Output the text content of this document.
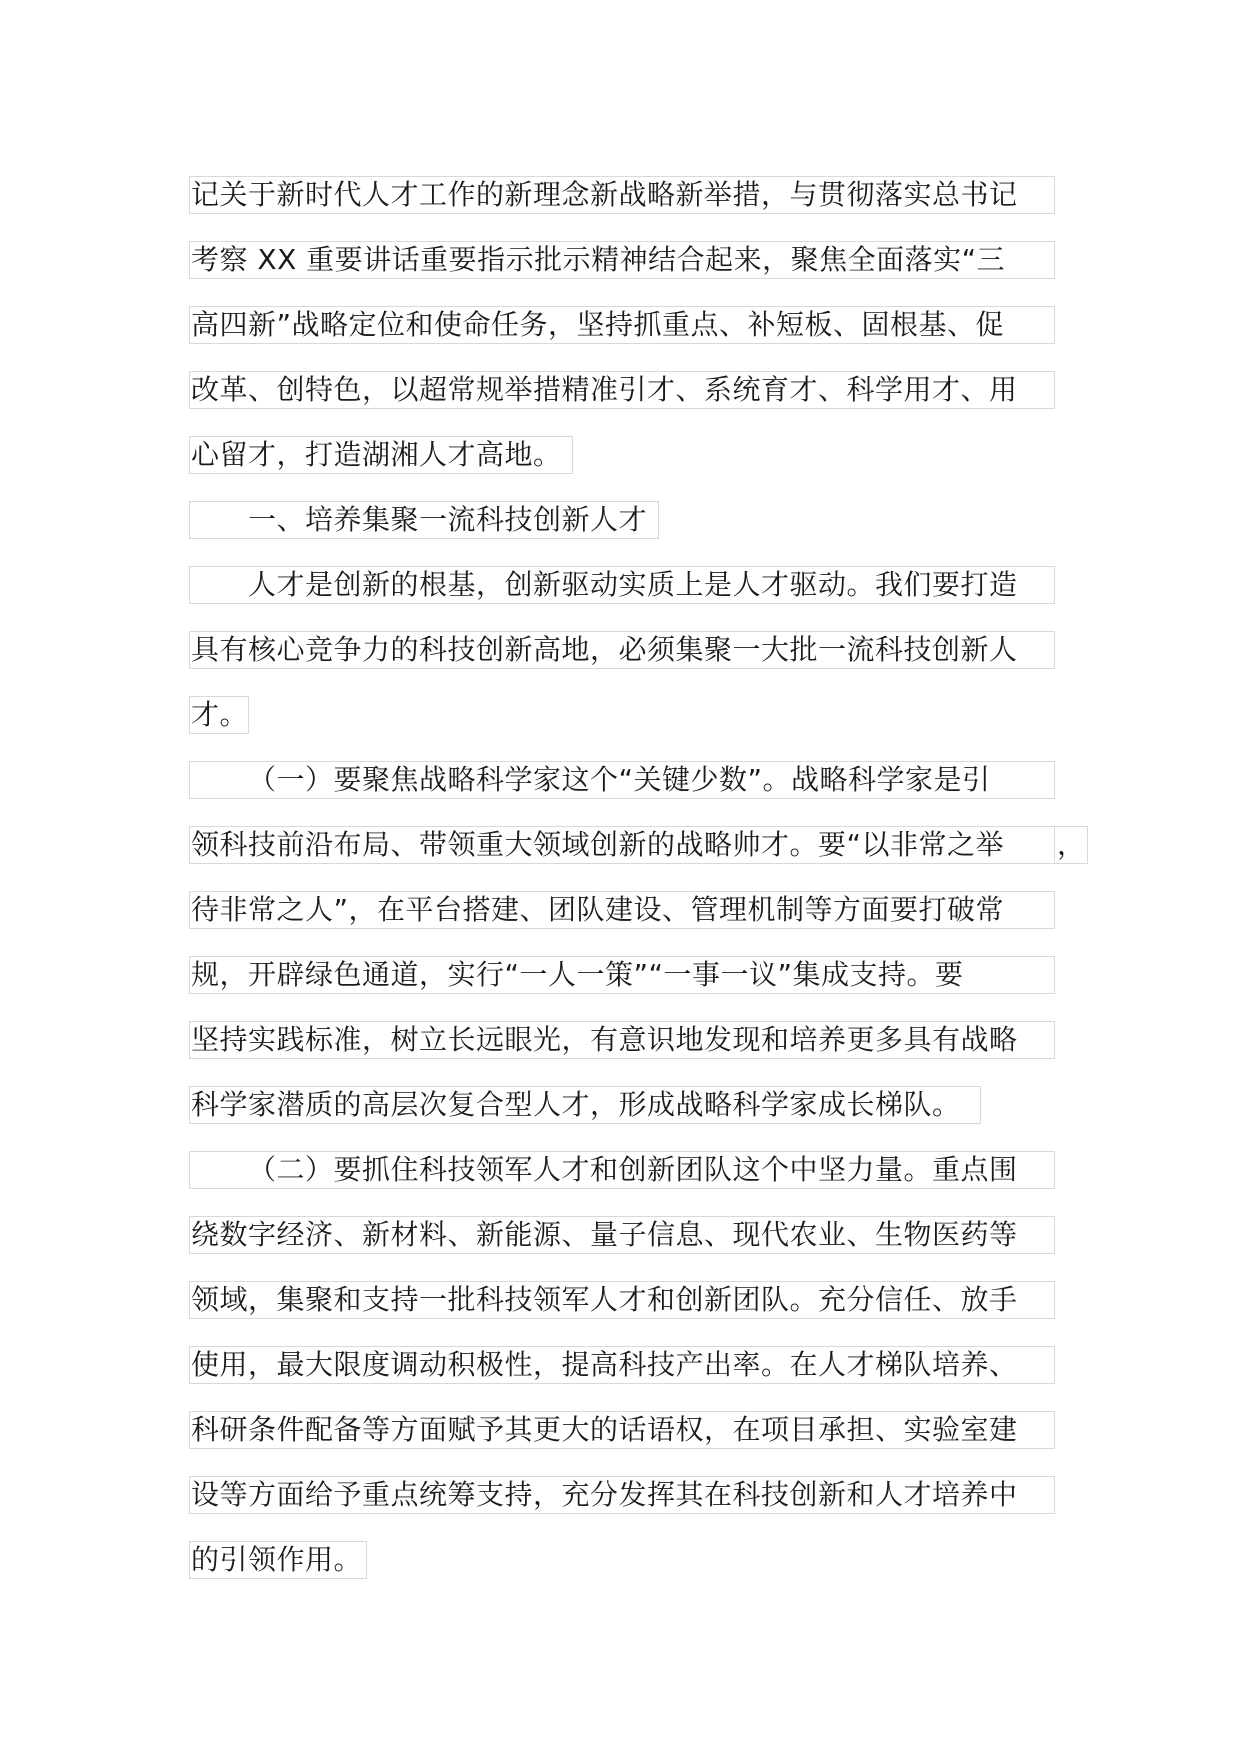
记关于新时代人才工作的新理念新战略新举措，与贯彻落实总书记
考察 XX 重要讲话重要指示批示精神结合起来，聚焦全面落实“三
高四新”战略定位和使命任务，坚持抓重点、补短板、固根基、促
改革、创特色，以超常规举措精准引才、系统育才、科学用才、用
心留才，打造湖湘人才高地。
一、培养集聚一流科技创新人才
人才是创新的根基，创新驱动实质上是人才驱动。我们要打造
具有核心竞争力的科技创新高地，必须集聚一大批一流科技创新人
才。
（一）要聚焦战略科学家这个“关键少数”。战略科学家是引
领科技前沿布局、带领重大领域创新的战略帅才。要“以非常之举	，
待非常之人”，在平台搭建、团队建设、管理机制等方面要打破常
规，开辟绿色通道，实行“一人一策”“一事一议”集成支持。要
坚持实践标准，树立长远眼光，有意识地发现和培养更多具有战略
科学家潜质的高层次复合型人才，形成战略科学家成长梯队。
（二）要抓住科技领军人才和创新团队这个中坚力量。重点围
绕数字经济、新材料、新能源、量子信息、现代农业、生物医药等
领域，集聚和支持一批科技领军人才和创新团队。充分信任、放手
使用，最大限度调动积极性，提高科技产出率。在人才梯队培养、
科研条件配备等方面赋予其更大的话语权，在项目承担、实验室建
设等方面给予重点统筹支持，充分发挥其在科技创新和人才培养中
的引领作用。
